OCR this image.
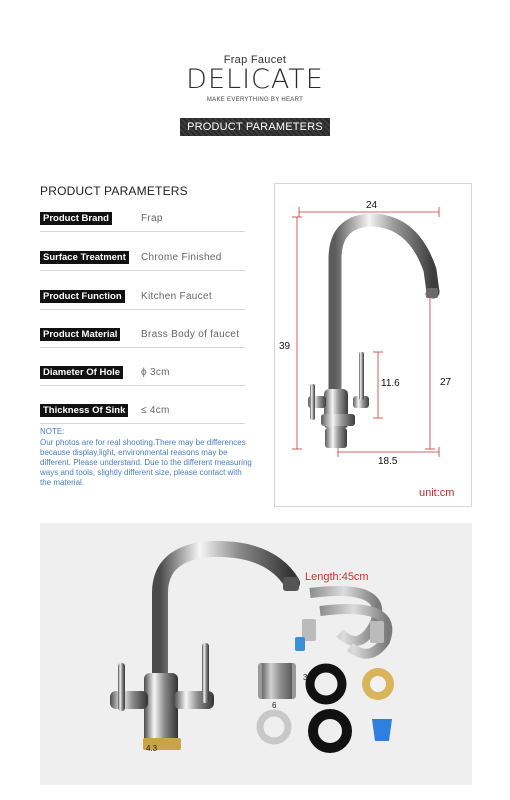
Frap Faucet
DELICATE
MAKE EVERYTHING BY HEART
PRODUCT PARAMETERS
PRODUCT PARAMETERS
Product Brand	Frap
Surface Treatment	Chrome Finished
Product Function	Kitchen Faucet
Product Material	Brass Body of faucet
Diameter Of Hole	ϕ 3cm
Thickness Of Sink	≤ 4cm
NOTE:
Our photos are for real shooting.There may be differences because display,light, environmental reasons may be different. Please understand. Due to the different measuring ways and tools, slightly different size, please contact with the material.
24
39
11.6	27
18.5
unit:cm
Length:45cm
3
6
4.3
